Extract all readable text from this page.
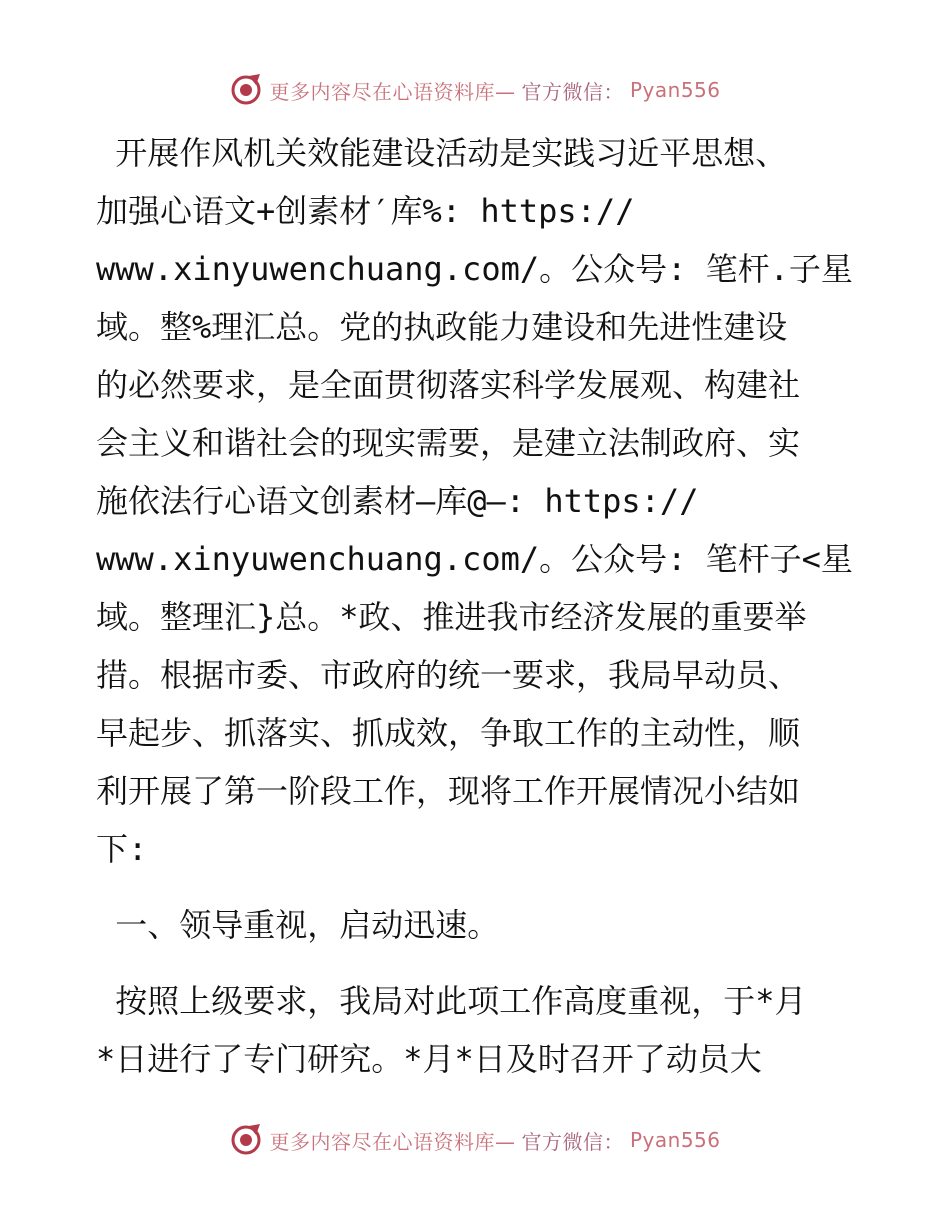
更多内容尽在心语资料库— 官方微信： Pyan556

开展作风机关效能建设活动是实践习近平思想、

加强心语文+创素材′库%: https://

www.xinyuwenchuang.com/。公众号: 笔杆.子星

域。整%理汇总。党的执政能力建设和先进性建设

的必然要求，是全面贯彻落实科学发展观、构建社

会主义和谐社会的现实需要，是建立法制政府、实

施依法行心语文创素材—库@—: https://

www.xinyuwenchuang.com/。公众号: 笔杆子<星

域。整理汇}总。*政、推进我市经济发展的重要举

措。根据市委、市政府的统一要求，我局早动员、

早起步、抓落实、抓成效，争取工作的主动性，顺

利开展了第一阶段工作，现将工作开展情况小结如

下:

一、领导重视，启动迅速。

按照上级要求，我局对此项工作高度重视，于*月

*日进行了专门研究。*月*日及时召开了动员大

更多内容尽在心语资料库— 官方微信： Pyan556
